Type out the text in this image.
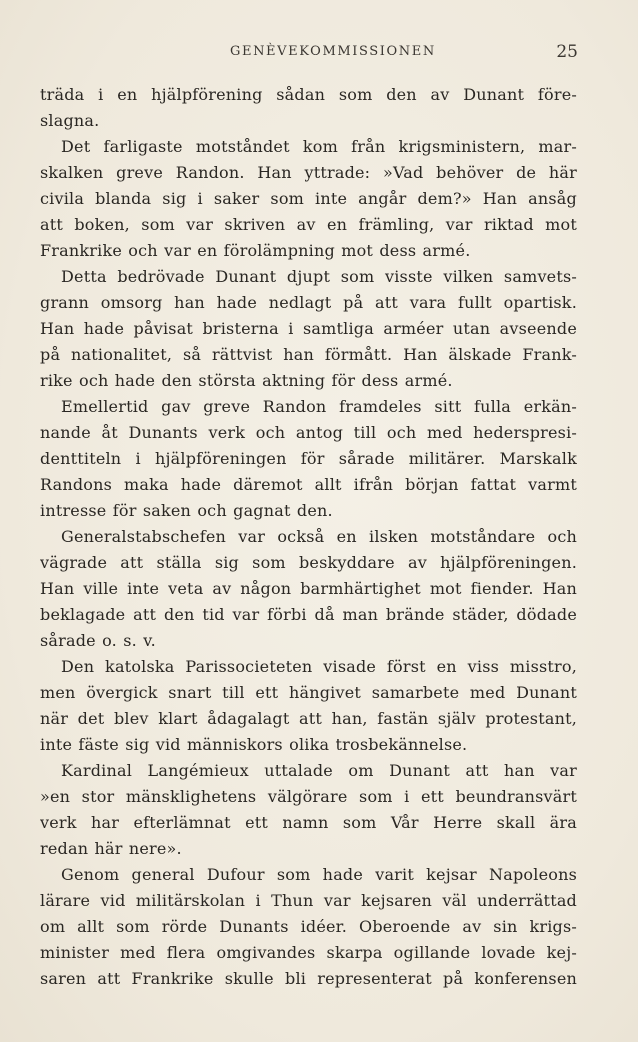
GENÈVEKOMMISSIONEN	25
träda i en hjälpförening sådan som den av Dunant före-
slagna.
Det farligaste motståndet kom från krigsministern, mar-
skalken greve Randon. Han yttrade: »Vad behöver de här
civila blanda sig i saker som inte angår dem?» Han ansåg
att boken, som var skriven av en främling, var riktad mot
Frankrike och var en förolämpning mot dess armé.
Detta bedrövade Dunant djupt som visste vilken samvets-
grann omsorg han hade nedlagt på att vara fullt opartisk.
Han hade påvisat bristerna i samtliga arméer utan avseende
på nationalitet, så rättvist han förmått. Han älskade Frank-
rike och hade den största aktning för dess armé.
Emellertid gav greve Randon framdeles sitt fulla erkän-
nande åt Dunants verk och antog till och med hederspresi-
denttiteln i hjälpföreningen för sårade militärer. Marskalk
Randons maka hade däremot allt ifrån början fattat varmt
intresse för saken och gagnat den.
Generalstabschefen var också en ilsken motståndare och
vägrade att ställa sig som beskyddare av hjälpföreningen.
Han ville inte veta av någon barmhärtighet mot fiender. Han
beklagade att den tid var förbi då man brände städer, dödade
sårade o. s. v.
Den katolska Parissocieteten visade först en viss misstro,
men övergick snart till ett hängivet samarbete med Dunant
när det blev klart ådagalagt att han, fastän själv protestant,
inte fäste sig vid människors olika trosbekännelse.
Kardinal Langémieux uttalade om Dunant att han var
»en stor mänsklighetens välgörare som i ett beundransvärt
verk har efterlämnat ett namn som Vår Herre skall ära
redan här nere».
Genom general Dufour som hade varit kejsar Napoleons
lärare vid militärskolan i Thun var kejsaren väl underrättad
om allt som rörde Dunants idéer. Oberoende av sin krigs-
minister med flera omgivandes skarpa ogillande lovade kej-
saren att Frankrike skulle bli representerat på konferensen
